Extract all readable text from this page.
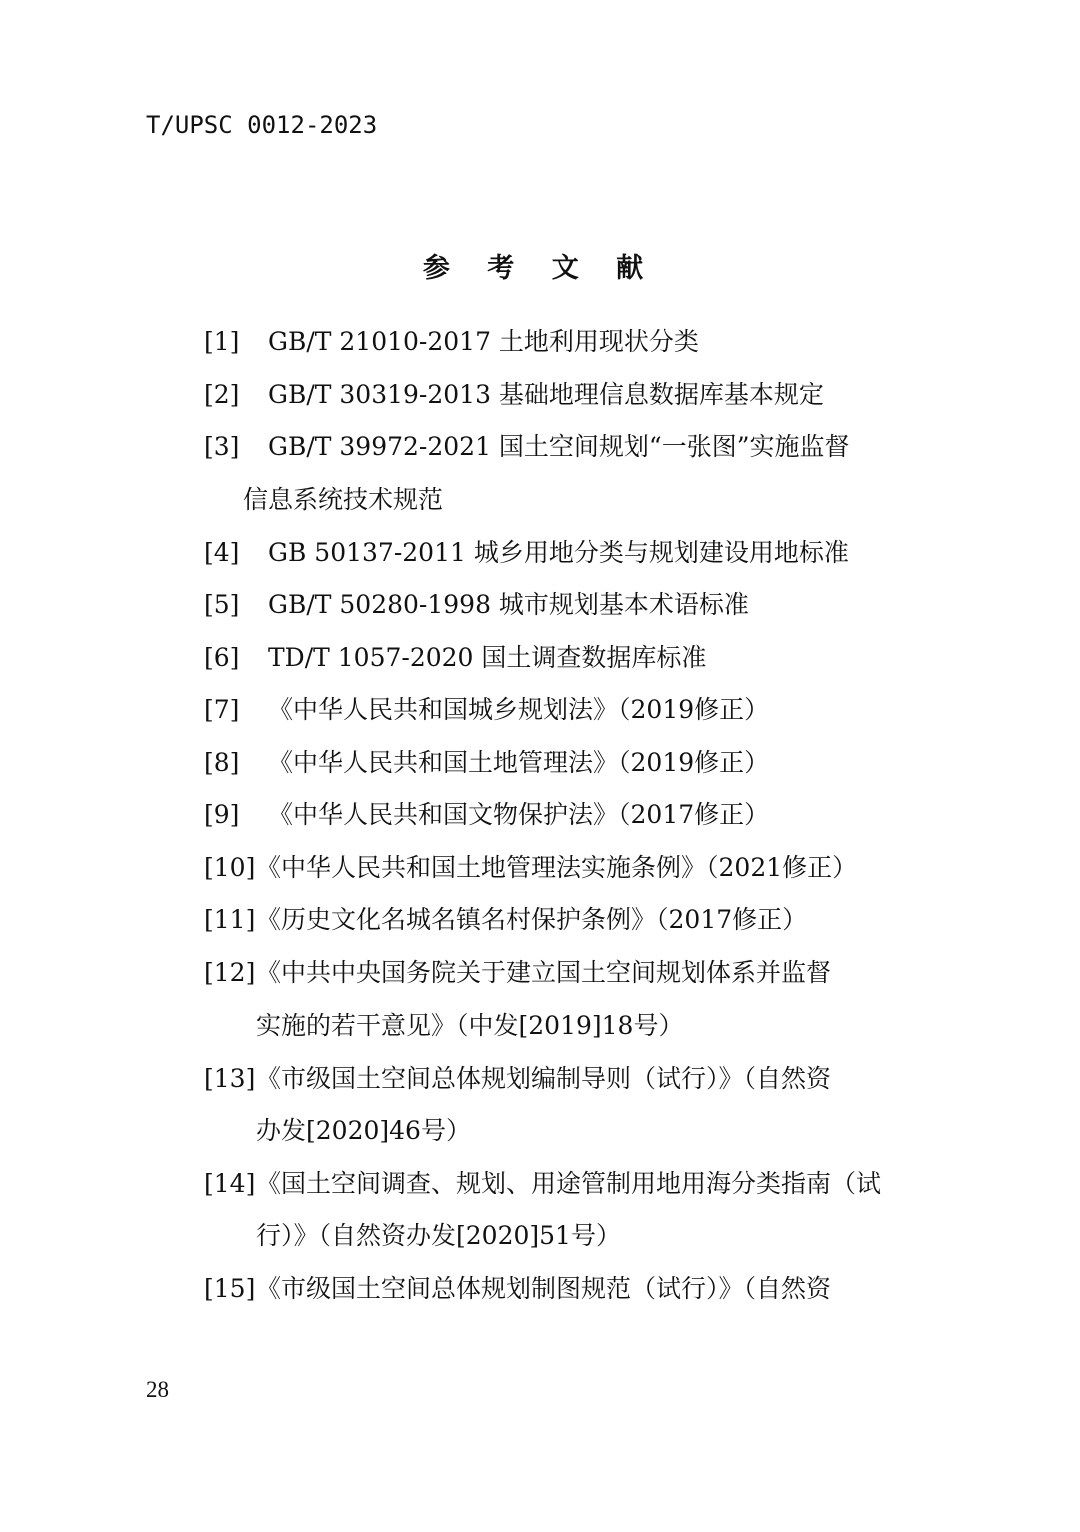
T/UPSC 0012-2023
参 考 文 献
[1] GB/T 21010-2017 土地利用现状分类
[2] GB/T 30319-2013 基础地理信息数据库基本规定
[3] GB/T 39972-2021 国土空间规划“一张图”实施监督
信息系统技术规范
[4] GB 50137-2011 城乡用地分类与规划建设用地标准
[5] GB/T 50280-1998 城市规划基本术语标准
[6] TD/T 1057-2020 国土调查数据库标准
[7] 《中华人民共和国城乡规划法》（2019修正）
[8] 《中华人民共和国土地管理法》（2019修正）
[9] 《中华人民共和国文物保护法》（2017修正）
[10]《中华人民共和国土地管理法实施条例》（2021修正）
[11]《历史文化名城名镇名村保护条例》（2017修正）
[12]《中共中央国务院关于建立国土空间规划体系并监督
实施的若干意见》（中发[2019]18号）
[13]《市级国土空间总体规划编制导则（试行）》（自然资
办发[2020]46号）
[14]《国土空间调查、规划、用途管制用地用海分类指南（试
行）》（自然资办发[2020]51号）
[15]《市级国土空间总体规划制图规范（试行）》（自然资
28
